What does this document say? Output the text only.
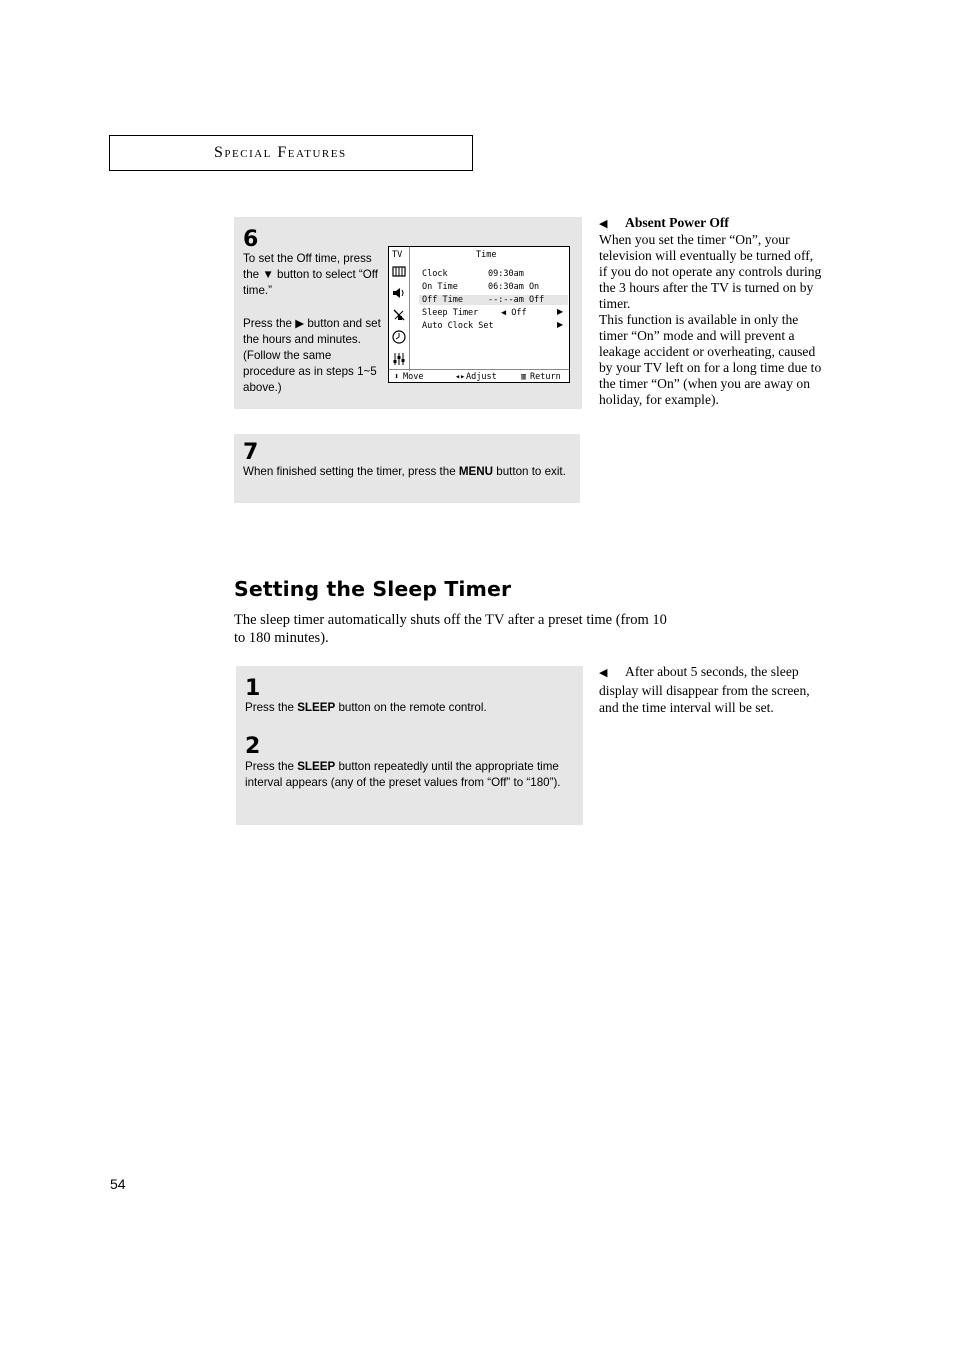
Special Features
6
To set the Off time, press the ▼ button to select “Off time.”
Press the ▶ button and set the hours and minutes. (Follow the same procedure as in steps 1~5 above.)
TV	Time
Clock	09:30am
On Time	06:30am On
Off Time	--:--am Off
Sleep Timer	◀ Off	▶
Auto Clock Set	▶
⬍ Move	◂▸ Adjust	▥ Return
◀ Absent Power Off
When you set the timer “On”, your television will eventually be turned off, if you do not operate any controls during the 3 hours after the TV is turned on by timer.
This function is available in only the timer “On” mode and will prevent a leakage accident or overheating, caused by your TV left on for a long time due to the timer “On” (when you are away on holiday, for example).
7
When finished setting the timer, press the MENU button to exit.
Setting the Sleep Timer
The sleep timer automatically shuts off the TV after a preset time (from 10 to 180 minutes).
1
Press the SLEEP button on the remote control.
2
Press the SLEEP button repeatedly until the appropriate time interval appears (any of the preset values from “Off” to “180”).
◀ After about 5 seconds, the sleep display will disappear from the screen, and the time interval will be set.
54
